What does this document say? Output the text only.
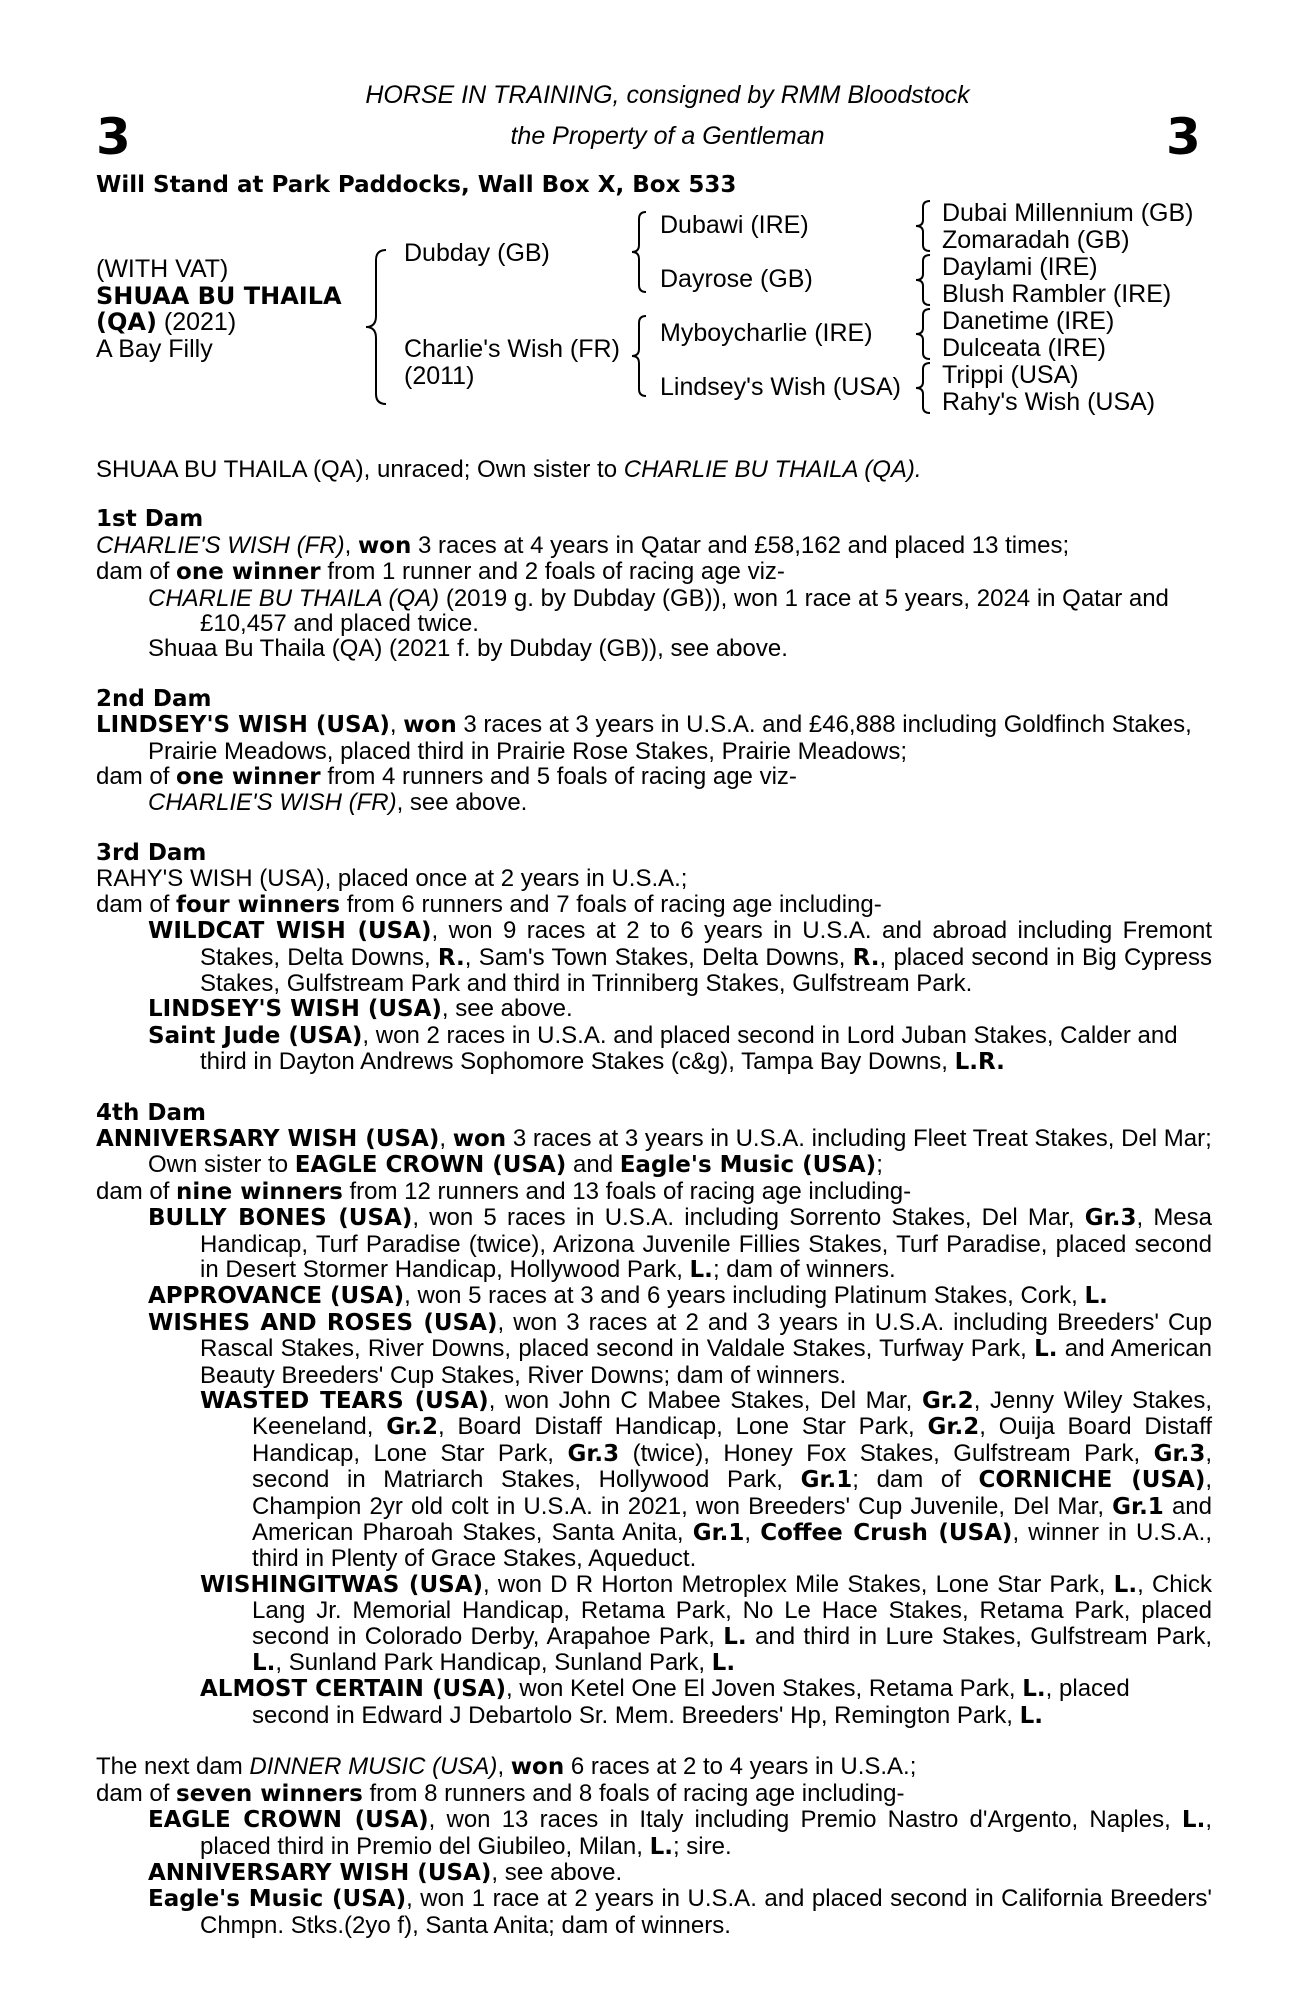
3	3
HORSE IN TRAINING, consigned by RMM Bloodstock
the Property of a Gentleman
Will Stand at Park Paddocks, Wall Box X, Box 533
(WITH VAT)
SHUAA BU THAILA
(QA) (2021)
A Bay Filly
Dubday (GB)
Charlie's Wish (FR)
(2011)
Dubawi (IRE)
Dayrose (GB)
Myboycharlie (IRE)
Lindsey's Wish (USA)
Dubai Millennium (GB)
Zomaradah (GB)
Daylami (IRE)
Blush Rambler (IRE)
Danetime (IRE)
Dulceata (IRE)
Trippi (USA)
Rahy's Wish (USA)

SHUAA BU THAILA (QA), unraced; Own sister to CHARLIE BU THAILA (QA).

1st Dam

CHARLIE'S WISH (FR), won 3 races at 4 years in Qatar and £58,162 and placed 13 times;

dam of one winner from 1 runner and 2 foals of racing age viz-

CHARLIE BU THAILA (QA) (2019 g. by Dubday (GB)), won 1 race at 5 years, 2024 in Qatar and £10,457 and placed twice.

Shuaa Bu Thaila (QA) (2021 f. by Dubday (GB)), see above.

2nd Dam

LINDSEY'S WISH (USA), won 3 races at 3 years in U.S.A. and £46,888 including Goldfinch Stakes, Prairie Meadows, placed third in Prairie Rose Stakes, Prairie Meadows;

dam of one winner from 4 runners and 5 foals of racing age viz-

CHARLIE'S WISH (FR), see above.

3rd Dam

RAHY'S WISH (USA), placed once at 2 years in U.S.A.;

dam of four winners from 6 runners and 7 foals of racing age including-

WILDCAT WISH (USA), won 9 races at 2 to 6 years in U.S.A. and abroad including Fremont Stakes, Delta Downs, R., Sam's Town Stakes, Delta Downs, R., placed second in Big Cypress Stakes, Gulfstream Park and third in Trinniberg Stakes, Gulfstream Park.

LINDSEY'S WISH (USA), see above.

Saint Jude (USA), won 2 races in U.S.A. and placed second in Lord Juban Stakes, Calder and third in Dayton Andrews Sophomore Stakes (c&g), Tampa Bay Downs, L.R.

4th Dam

ANNIVERSARY WISH (USA), won 3 races at 3 years in U.S.A. including Fleet Treat Stakes, Del Mar; Own sister to EAGLE CROWN (USA) and Eagle's Music (USA);

dam of nine winners from 12 runners and 13 foals of racing age including-

BULLY BONES (USA), won 5 races in U.S.A. including Sorrento Stakes, Del Mar, Gr.3, Mesa Handicap, Turf Paradise (twice), Arizona Juvenile Fillies Stakes, Turf Paradise, placed second in Desert Stormer Handicap, Hollywood Park, L.; dam of winners.

APPROVANCE (USA), won 5 races at 3 and 6 years including Platinum Stakes, Cork, L.

WISHES AND ROSES (USA), won 3 races at 2 and 3 years in U.S.A. including Breeders' Cup Rascal Stakes, River Downs, placed second in Valdale Stakes, Turfway Park, L. and American Beauty Breeders' Cup Stakes, River Downs; dam of winners.

WASTED TEARS (USA), won John C Mabee Stakes, Del Mar, Gr.2, Jenny Wiley Stakes, Keeneland, Gr.2, Board Distaff Handicap, Lone Star Park, Gr.2, Ouija Board Distaff Handicap, Lone Star Park, Gr.3 (twice), Honey Fox Stakes, Gulfstream Park, Gr.3, second in Matriarch Stakes, Hollywood Park, Gr.1; dam of CORNICHE (USA), Champion 2yr old colt in U.S.A. in 2021, won Breeders' Cup Juvenile, Del Mar, Gr.1 and American Pharoah Stakes, Santa Anita, Gr.1, Coffee Crush (USA), winner in U.S.A., third in Plenty of Grace Stakes, Aqueduct.

WISHINGITWAS (USA), won D R Horton Metroplex Mile Stakes, Lone Star Park, L., Chick Lang Jr. Memorial Handicap, Retama Park, No Le Hace Stakes, Retama Park, placed second in Colorado Derby, Arapahoe Park, L. and third in Lure Stakes, Gulfstream Park, L., Sunland Park Handicap, Sunland Park, L.

ALMOST CERTAIN (USA), won Ketel One El Joven Stakes, Retama Park, L., placed second in Edward J Debartolo Sr. Mem. Breeders' Hp, Remington Park, L.

The next dam DINNER MUSIC (USA), won 6 races at 2 to 4 years in U.S.A.;

dam of seven winners from 8 runners and 8 foals of racing age including-

EAGLE CROWN (USA), won 13 races in Italy including Premio Nastro d'Argento, Naples, L., placed third in Premio del Giubileo, Milan, L.; sire.

ANNIVERSARY WISH (USA), see above.

Eagle's Music (USA), won 1 race at 2 years in U.S.A. and placed second in California Breeders' Chmpn. Stks.(2yo f), Santa Anita; dam of winners.
